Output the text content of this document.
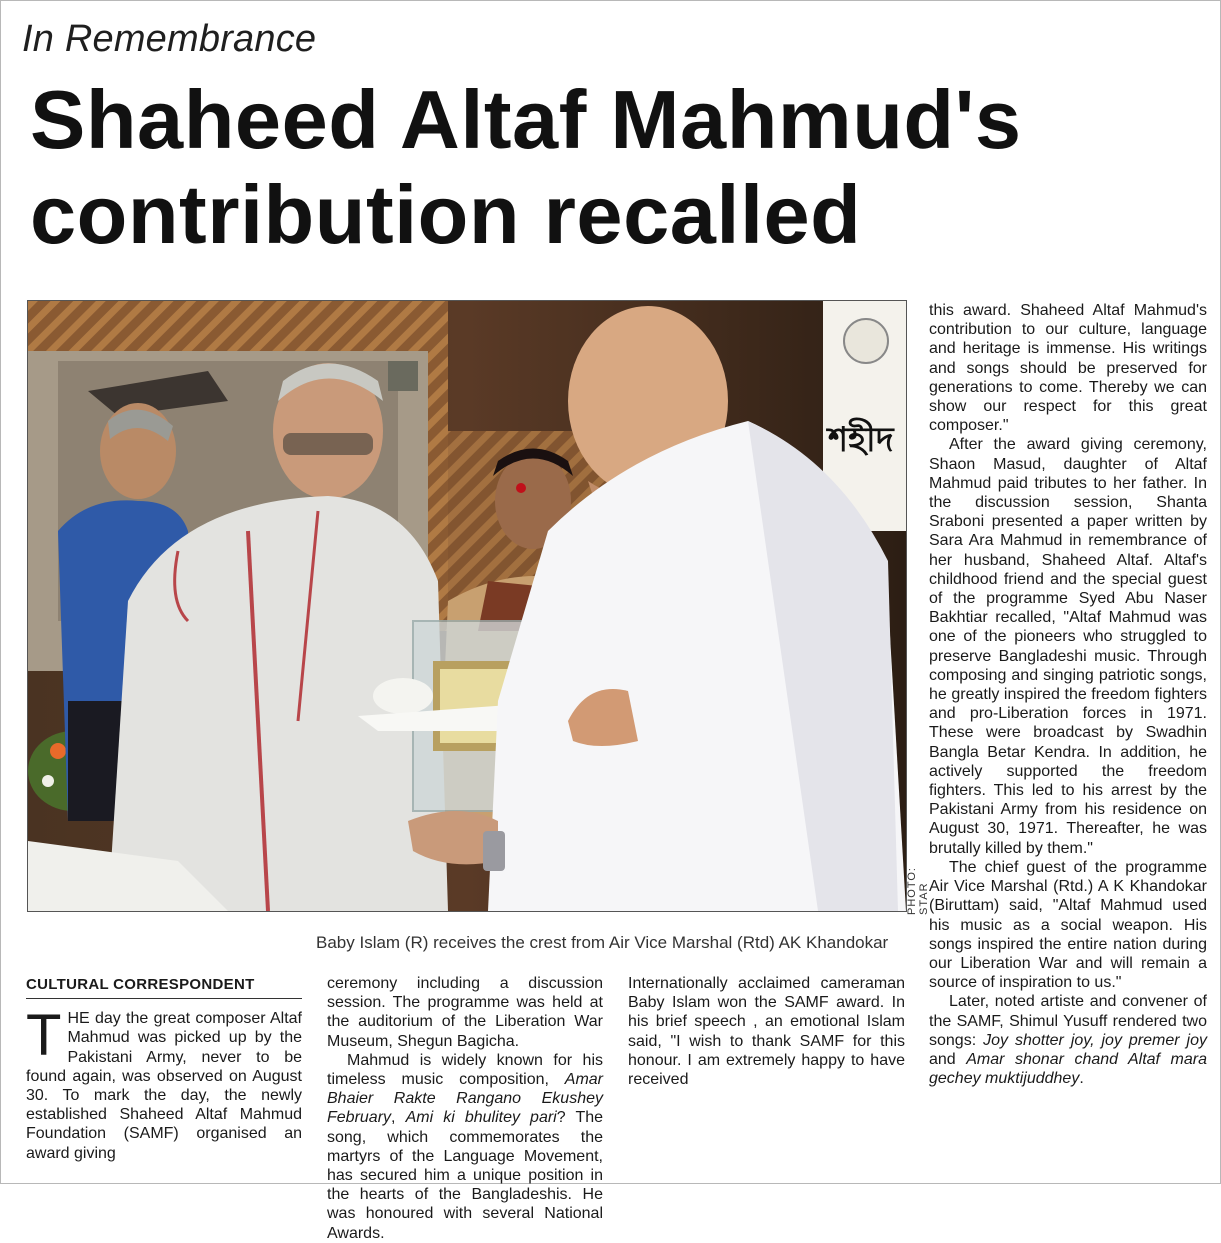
In Remembrance
Shaheed Altaf Mahmud's
contribution recalled
শহীদ
PHOTO: STAR
Baby Islam (R) receives the crest from Air Vice Marshal (Rtd) AK Khandokar
CULTURAL CORRESPONDENT

THE day the great composer Altaf Mahmud was picked up by the Pakistani Army, never to be found again, was observed on August 30. To mark the day, the newly established Shaheed Altaf Mahmud Foundation (SAMF) organised an award giving

ceremony including a discussion session. The programme was held at the auditorium of the Liberation War Museum, Shegun Bagicha.

Mahmud is widely known for his timeless music composition, Amar Bhaier Rakte Rangano Ekushey February, Ami ki bhulitey pari? The song, which commemorates the martyrs of the Language Movement, has secured him a unique position in the hearts of the Bangladeshis. He was honoured with several National Awards.

Internationally acclaimed cameraman Baby Islam won the SAMF award. In his brief speech , an emotional Islam said, "I wish to thank SAMF for this honour. I am extremely happy to have received

this award. Shaheed Altaf Mahmud's contribution to our culture, language and heritage is immense. His writings and songs should be preserved for generations to come. Thereby we can show our respect for this great composer."

After the award giving ceremony, Shaon Masud, daughter of Altaf Mahmud paid tributes to her father. In the discussion session, Shanta Sraboni presented a paper written by Sara Ara Mahmud in remembrance of her husband, Shaheed Altaf. Altaf's childhood friend and the special guest of the programme Syed Abu Naser Bakhtiar recalled, "Altaf Mahmud was one of the pioneers who struggled to preserve Bangladeshi music. Through composing and singing patriotic songs, he greatly inspired the freedom fighters and pro-Liberation forces in 1971. These were broadcast by Swadhin Bangla Betar Kendra. In addition, he actively supported the freedom fighters. This led to his arrest by the Pakistani Army from his residence on August 30, 1971. Thereafter, he was brutally killed by them."

The chief guest of the programme Air Vice Marshal (Rtd.) A K Khandokar (Biruttam) said, "Altaf Mahmud used his music as a social weapon. His songs inspired the entire nation during our Liberation War and will remain a source of inspiration to us."

Later, noted artiste and convener of the SAMF, Shimul Yusuff rendered two songs: Joy shotter joy, joy premer joy and Amar shonar chand Altaf mara gechey muktijuddhey.
